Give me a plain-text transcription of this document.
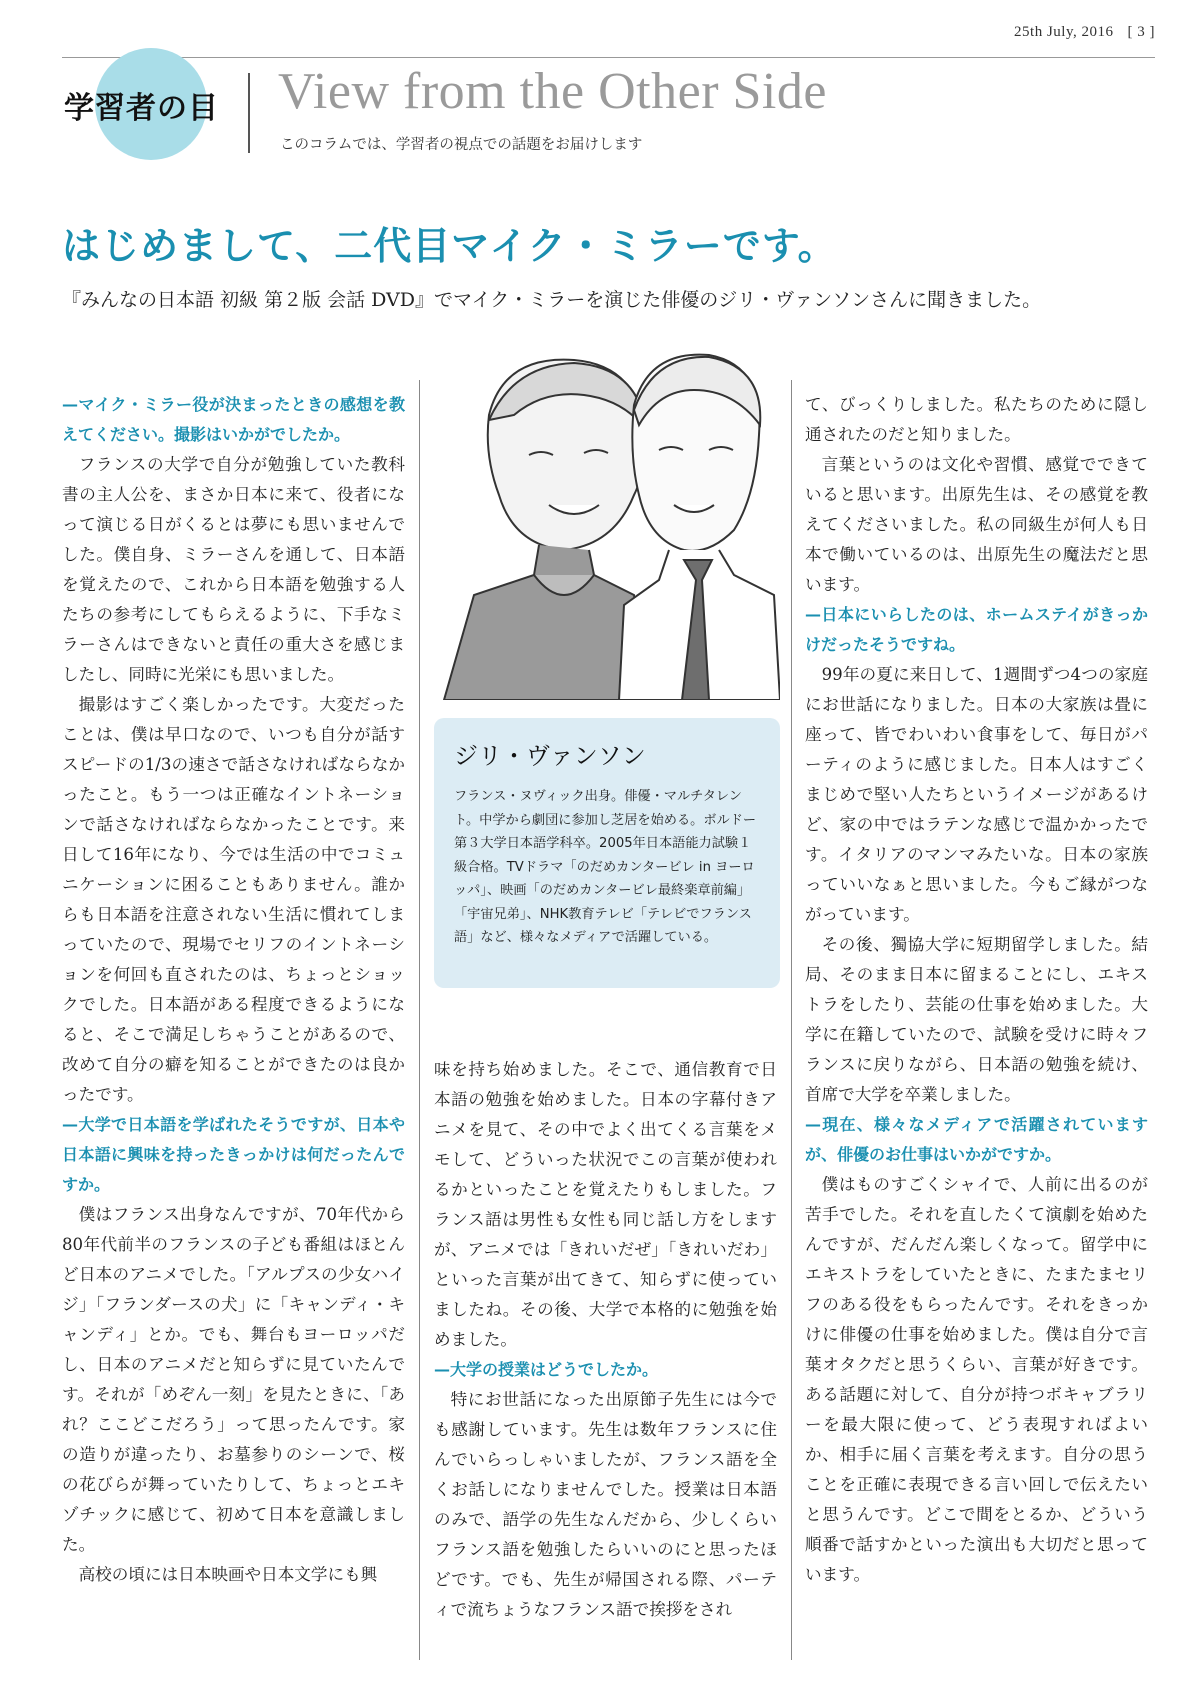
25th July, 2016 [ 3 ]
学習者の目 View from the Other Side
このコラムでは、学習者の視点での話題をお届けします
はじめまして、二代目マイク・ミラーです。
『みんなの日本語 初級 第２版 会話 DVD』でマイク・ミラーを演じた俳優のジリ・ヴァンソンさんに聞きました。

—マイク・ミラー役が決まったときの感想を教えてください。撮影はいかがでしたか。

フランスの大学で自分が勉強していた教科書の主人公を、まさか日本に来て、役者になって演じる日がくるとは夢にも思いませんでした。僕自身、ミラーさんを通して、日本語を覚えたので、これから日本語を勉強する人たちの参考にしてもらえるように、下手なミラーさんはできないと責任の重大さを感じましたし、同時に光栄にも思いました。

撮影はすごく楽しかったです。大変だったことは、僕は早口なので、いつも自分が話すスピードの1/3の速さで話さなければならなかったこと。もう一つは正確なイントネーションで話さなければならなかったことです。来日して16年になり、今では生活の中でコミュニケーションに困ることもありません。誰からも日本語を注意されない生活に慣れてしまっていたので、現場でセリフのイントネーションを何回も直されたのは、ちょっとショックでした。日本語がある程度できるようになると、そこで満足しちゃうことがあるので、改めて自分の癖を知ることができたのは良かったです。

—大学で日本語を学ばれたそうですが、日本や日本語に興味を持ったきっかけは何だったんですか。

僕はフランス出身なんですが、70年代から80年代前半のフランスの子ども番組はほとんど日本のアニメでした。「アルプスの少女ハイジ」「フランダースの犬」に「キャンディ・キャンディ」とか。でも、舞台もヨーロッパだし、日本のアニメだと知らずに見ていたんです。それが「めぞん一刻」を見たときに、「あれ？ここどこだろう」って思ったんです。家の造りが違ったり、お墓参りのシーンで、桜の花びらが舞っていたりして、ちょっとエキゾチックに感じて、初めて日本を意識しました。

高校の頃には日本映画や日本文学にも興

ジリ・ヴァンソン
フランス・ヌヴィック出身。俳優・マルチタレント。中学から劇団に参加し芝居を始める。ボルドー第３大学日本語学科卒。2005年日本語能力試験１級合格。TVドラマ「のだめカンタービレ in ヨーロッパ」、映画「のだめカンタービレ最終楽章前編」「宇宙兄弟」、NHK教育テレビ「テレビでフランス語」など、様々なメディアで活躍している。

味を持ち始めました。そこで、通信教育で日本語の勉強を始めました。日本の字幕付きアニメを見て、その中でよく出てくる言葉をメモして、どういった状況でこの言葉が使われるかといったことを覚えたりもしました。フランス語は男性も女性も同じ話し方をしますが、アニメでは「きれいだぜ」「きれいだわ」といった言葉が出てきて、知らずに使っていましたね。その後、大学で本格的に勉強を始めました。

—大学の授業はどうでしたか。

特にお世話になった出原節子先生には今でも感謝しています。先生は数年フランスに住んでいらっしゃいましたが、フランス語を全くお話しになりませんでした。授業は日本語のみで、語学の先生なんだから、少しくらいフランス語を勉強したらいいのにと思ったほどです。でも、先生が帰国される際、パーティで流ちょうなフランス語で挨拶をされ

て、びっくりしました。私たちのために隠し通されたのだと知りました。

言葉というのは文化や習慣、感覚でできていると思います。出原先生は、その感覚を教えてくださいました。私の同級生が何人も日本で働いているのは、出原先生の魔法だと思います。

—日本にいらしたのは、ホームステイがきっかけだったそうですね。

99年の夏に来日して、1週間ずつ4つの家庭にお世話になりました。日本の大家族は畳に座って、皆でわいわい食事をして、毎日がパーティのように感じました。日本人はすごくまじめで堅い人たちというイメージがあるけど、家の中ではラテンな感じで温かかったです。イタリアのマンマみたいな。日本の家族っていいなぁと思いました。今もご縁がつながっています。

その後、獨協大学に短期留学しました。結局、そのまま日本に留まることにし、エキストラをしたり、芸能の仕事を始めました。大学に在籍していたので、試験を受けに時々フランスに戻りながら、日本語の勉強を続け、首席で大学を卒業しました。

—現在、様々なメディアで活躍されていますが、俳優のお仕事はいかがですか。

僕はものすごくシャイで、人前に出るのが苦手でした。それを直したくて演劇を始めたんですが、だんだん楽しくなって。留学中にエキストラをしていたときに、たまたまセリフのある役をもらったんです。それをきっかけに俳優の仕事を始めました。僕は自分で言葉オタクだと思うくらい、言葉が好きです。ある話題に対して、自分が持つボキャブラリーを最大限に使って、どう表現すればよいか、相手に届く言葉を考えます。自分の思うことを正確に表現できる言い回しで伝えたいと思うんです。どこで間をとるか、どういう順番で話すかといった演出も大切だと思っています。
